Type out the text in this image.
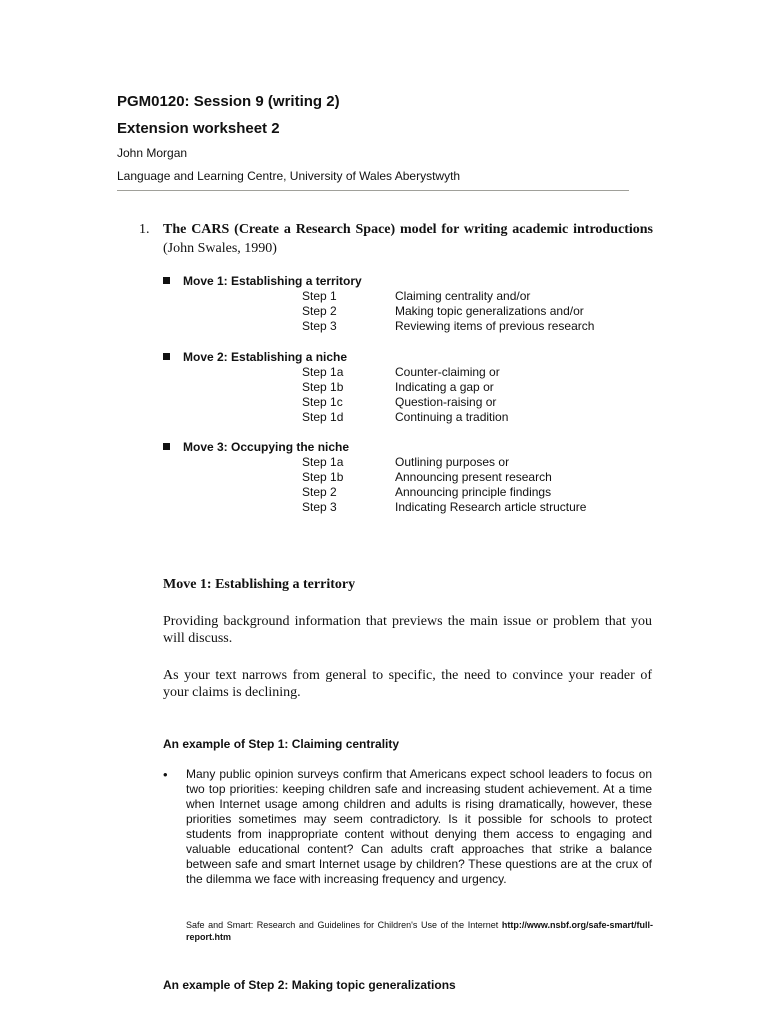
PGM0120: Session 9 (writing 2)
Extension worksheet 2
John Morgan
Language and Learning Centre, University of Wales Aberystwyth
1. The CARS (Create a Research Space) model for writing academic introductions (John Swales, 1990)
Move 1: Establishing a territory
Step 1	Claiming centrality and/or
Step 2	Making topic generalizations and/or
Step 3	Reviewing items of previous research
Move 2: Establishing a niche
Step 1a	Counter-claiming or
Step 1b	Indicating a gap or
Step 1c	Question-raising or
Step 1d	Continuing a tradition
Move 3: Occupying the niche
Step 1a	Outlining purposes or
Step 1b	Announcing present research
Step 2	Announcing principle findings
Step 3	Indicating Research article structure
Move 1: Establishing a territory
Providing background information that previews the main issue or problem that you will discuss.
As your text narrows from general to specific, the need to convince your reader of your claims is declining.
An example of Step 1: Claiming centrality
• Many public opinion surveys confirm that Americans expect school leaders to focus on two top priorities: keeping children safe and increasing student achievement. At a time when Internet usage among children and adults is rising dramatically, however, these priorities sometimes may seem contradictory. Is it possible for schools to protect students from inappropriate content without denying them access to engaging and valuable educational content? Can adults craft approaches that strike a balance between safe and smart Internet usage by children? These questions are at the crux of the dilemma we face with increasing frequency and urgency.
Safe and Smart: Research and Guidelines for Children's Use of the Internet http://www.nsbf.org/safe-smart/full-report.htm
An example of Step 2: Making topic generalizations
